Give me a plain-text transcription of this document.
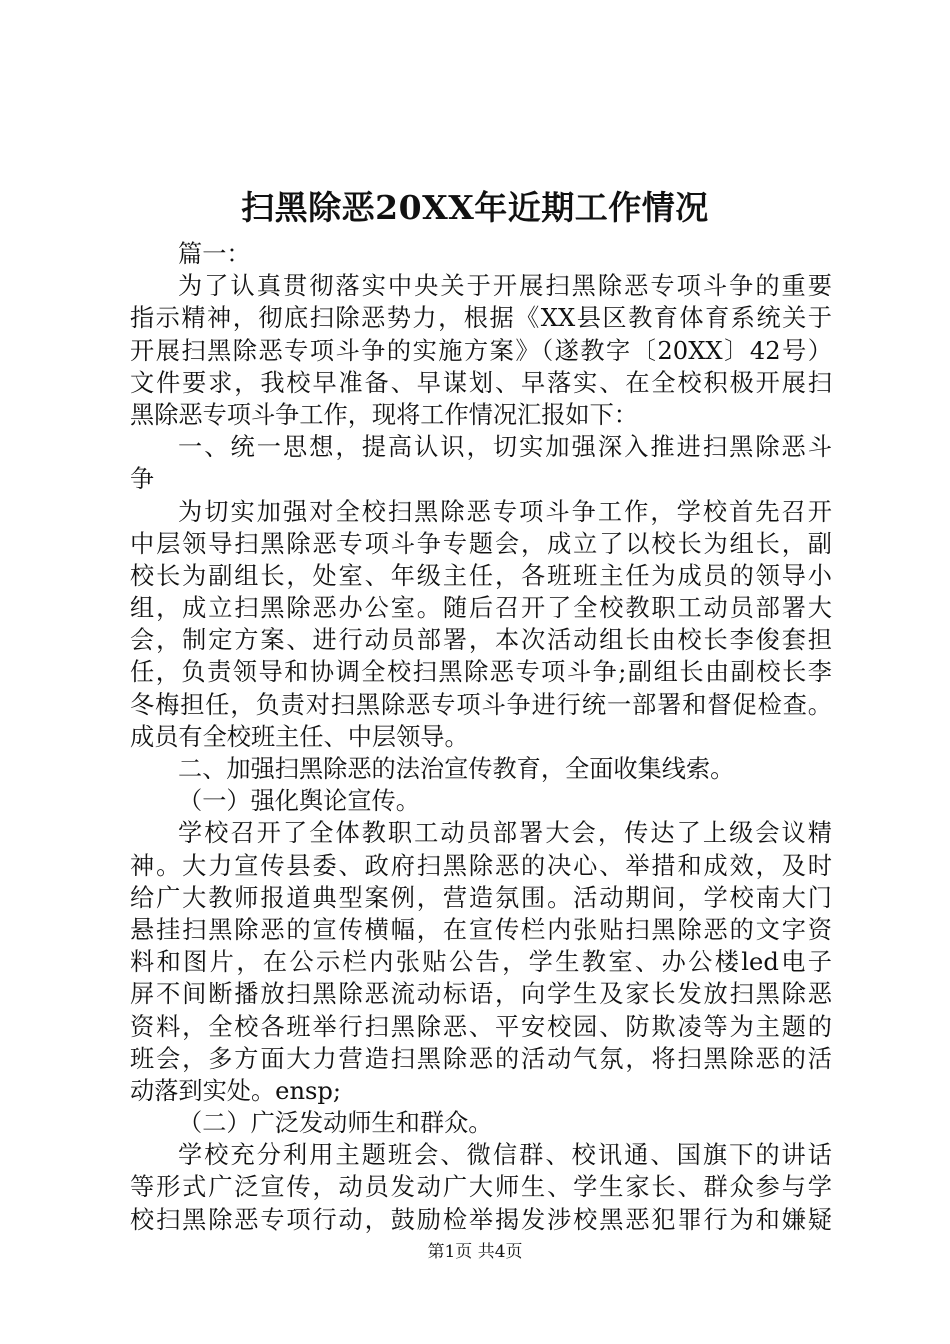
扫黑除恶20XX年近期工作情况
篇一：
为了认真贯彻落实中央关于开展扫黑除恶专项斗争的重要
指示精神，彻底扫除恶势力，根据《XX县区教育体育系统关于
开展扫黑除恶专项斗争的实施方案》（遂教字〔20XX〕42号）
文件要求，我校早准备、早谋划、早落实、在全校积极开展扫
黑除恶专项斗争工作，现将工作情况汇报如下：
一、统一思想，提高认识，切实加强深入推进扫黑除恶斗
争
为切实加强对全校扫黑除恶专项斗争工作，学校首先召开
中层领导扫黑除恶专项斗争专题会，成立了以校长为组长，副
校长为副组长，处室、年级主任，各班班主任为成员的领导小
组，成立扫黑除恶办公室。随后召开了全校教职工动员部署大
会，制定方案、进行动员部署，本次活动组长由校长李俊套担
任，负责领导和协调全校扫黑除恶专项斗争;副组长由副校长李
冬梅担任，负责对扫黑除恶专项斗争进行统一部署和督促检查。
成员有全校班主任、中层领导。
二、加强扫黑除恶的法治宣传教育，全面收集线索。
（一）强化舆论宣传。
学校召开了全体教职工动员部署大会，传达了上级会议精
神。大力宣传县委、政府扫黑除恶的决心、举措和成效，及时
给广大教师报道典型案例，营造氛围。活动期间，学校南大门
悬挂扫黑除恶的宣传横幅，在宣传栏内张贴扫黑除恶的文字资
料和图片，在公示栏内张贴公告，学生教室、办公楼led电子
屏不间断播放扫黑除恶流动标语，向学生及家长发放扫黑除恶
资料，全校各班举行扫黑除恶、平安校园、防欺凌等为主题的
班会，多方面大力营造扫黑除恶的活动气氛，将扫黑除恶的活
动落到实处。ensp;
（二）广泛发动师生和群众。
学校充分利用主题班会、微信群、校讯通、国旗下的讲话
等形式广泛宣传，动员发动广大师生、学生家长、群众参与学
校扫黑除恶专项行动，鼓励检举揭发涉校黑恶犯罪行为和嫌疑
第1页 共4页
